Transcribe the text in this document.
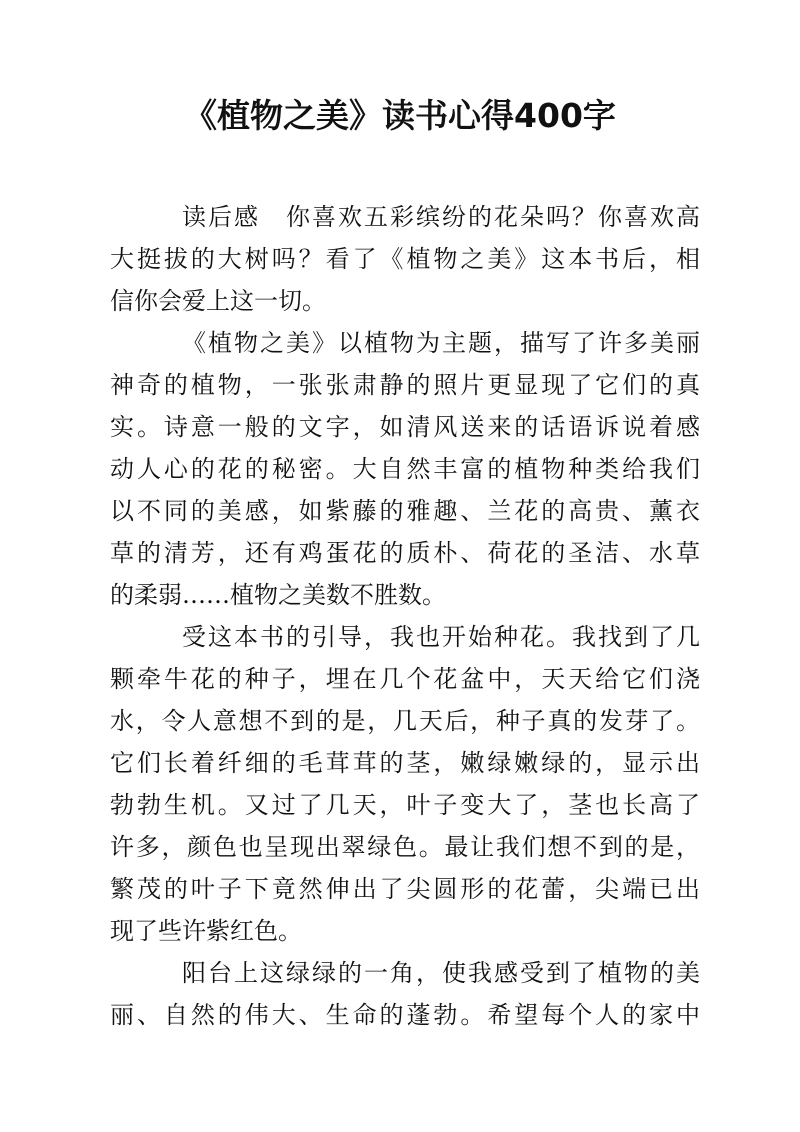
《植物之美》读书心得400字
读后感　你喜欢五彩缤纷的花朵吗？你喜欢高
大挺拔的大树吗？看了《植物之美》这本书后，相
信你会爱上这一切。
《植物之美》以植物为主题，描写了许多美丽
神奇的植物，一张张肃静的照片更显现了它们的真
实。诗意一般的文字，如清风送来的话语诉说着感
动人心的花的秘密。大自然丰富的植物种类给我们
以不同的美感，如紫藤的雅趣、兰花的高贵、薰衣
草的清芳，还有鸡蛋花的质朴、荷花的圣洁、水草
的柔弱……植物之美数不胜数。
受这本书的引导，我也开始种花。我找到了几
颗牵牛花的种子，埋在几个花盆中，天天给它们浇
水，令人意想不到的是，几天后，种子真的发芽了。
它们长着纤细的毛茸茸的茎，嫩绿嫩绿的，显示出
勃勃生机。又过了几天，叶子变大了，茎也长高了
许多，颜色也呈现出翠绿色。最让我们想不到的是，
繁茂的叶子下竟然伸出了尖圆形的花蕾，尖端已出
现了些许紫红色。
阳台上这绿绿的一角，使我感受到了植物的美
丽、自然的伟大、生命的蓬勃。希望每个人的家中
